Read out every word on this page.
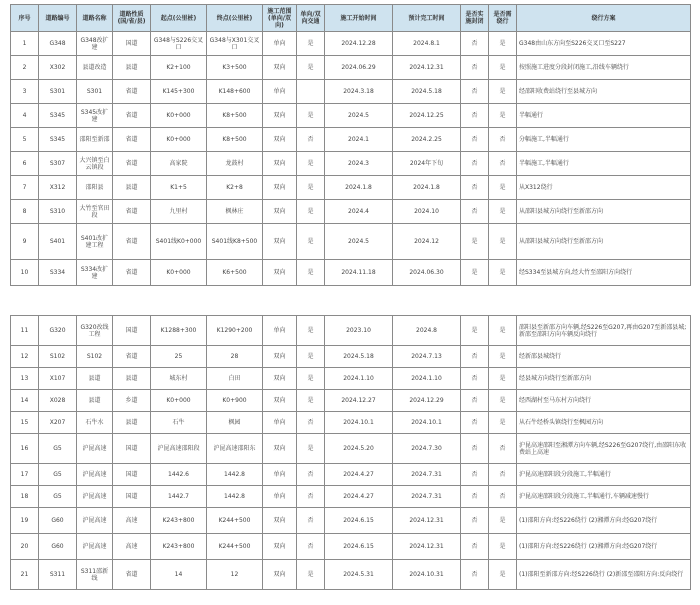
序号	道路编号	道路名称	道路性质(国/省/县)	起点(公里桩)	终点(公里桩)	施工范围(单向/双向)	单向/双向交通	施工开始时间	预计完工时间	是否实施封闭	是否需绕行	绕行方案
1	G348	G348改扩建	国道	G348与S226交叉口	G348与X301交叉口	单向	是	2024.12.28	2024.8.1	否	是	G348由山东方向至S226交叉口至S227
2	X302	县道改造	县道	K2+100	K3+500	双向	是	2024.06.29	2024.12.31	否	是	按照施工进度分段封闭施工,沿线车辆绕行
3	S301	S301	省道	K145+300	K148+600	单向		2024.3.18	2024.5.18	否	是	经邵阳收费站绕行至县城方向
4	S345	S345改扩建	省道	K0+000	K8+500	双向	是	2024.5	2024.12.25	否	是	半幅通行
5	S345	邵阳至新邵	省道	K0+000	K8+500	双向	否	2024.1	2024.2.25	否	否	分幅施工,半幅通行
6	S307	大兴镇至白云镇段	省道	高家院	龙鼓村	双向	是	2024.3	2024年下旬	否	否	半幅施工,半幅通行
7	X312	邵阳县	县道	K1+5	K2+8	双向	是	2024.1.8	2024.1.8	否	是	从X312绕行
8	S310	大竹至官田段	省道	九里村	枫林庄	双向	是	2024.4	2024.10	否	是	从邵阳县城方向绕行至新邵方向
9	S401	S401改扩建工程	省道	S401线K0+000	S401线K8+500	双向	是	2024.5	2024.12	是	是	从邵阳县城方向绕行至新邵方向
10	S334	S334改扩建	省道	K0+000	K6+500	双向	是	2024.11.18	2024.06.30	是	是	经S334至县城方向,经大竹至邵阳方向绕行
11	G320	G320改线工程	国道	K1288+300	K1290+200	单向	是	2023.10	2024.8	是	是	邵阳县至新邵方向车辆,经S226至G207,再由G207至新邵县城;新邵至邵阳方向车辆反向绕行
12	S102	S102	省道	25	28	双向	是	2024.5.18	2024.7.13	否	是	经新邵县城绕行
13	X107	县道	县道	城东村	白田	双向	是	2024.1.10	2024.1.10	否	是	经县城方向绕行至新邵方向
14	X028	县道	乡道	K0+000	K0+900	双向	是	2024.12.27	2024.12.29	否	是	经西湖村至马东村方向绕行
15	X207	石牛水	县道	石牛	枫园	单向	否	2024.10.1	2024.10.1	否	是	从石牛经桥头镇绕行至枫园方向
16	G5	沪昆高速	国道	沪昆高速邵阳段	沪昆高速邵阳东	双向	是	2024.5.20	2024.7.30	否	否	沪昆高速邵阳至湘潭方向车辆,经S226至G207绕行,由邵阳东收费站上高速
17	G5	沪昆高速	国道	1442.6	1442.8	单向	否	2024.4.27	2024.7.31	否	否	沪昆高速邵阳段分段施工,半幅通行
18	G5	沪昆高速	国道	1442.7	1442.8	单向	否	2024.4.27	2024.7.31	否	否	沪昆高速邵阳段分段施工,半幅通行,车辆减速慢行
19	G60	沪昆高速	高速	K243+800	K244+500	双向	否	2024.6.15	2024.12.31	否	是	(1)邵阳方向:经S226绕行 (2)湘潭方向:经G207绕行
20	G60	沪昆高速	高速	K243+800	K244+500	双向	否	2024.6.15	2024.12.31	否	是	(1)邵阳方向:经S226绕行 (2)湘潭方向:经G207绕行
21	S311	S311邵新线	省道	14	12	双向	是	2024.5.31	2024.10.31	否	是	(1)邵阳至新邵方向:经S226绕行 (2)新邵至邵阳方向:反向绕行
